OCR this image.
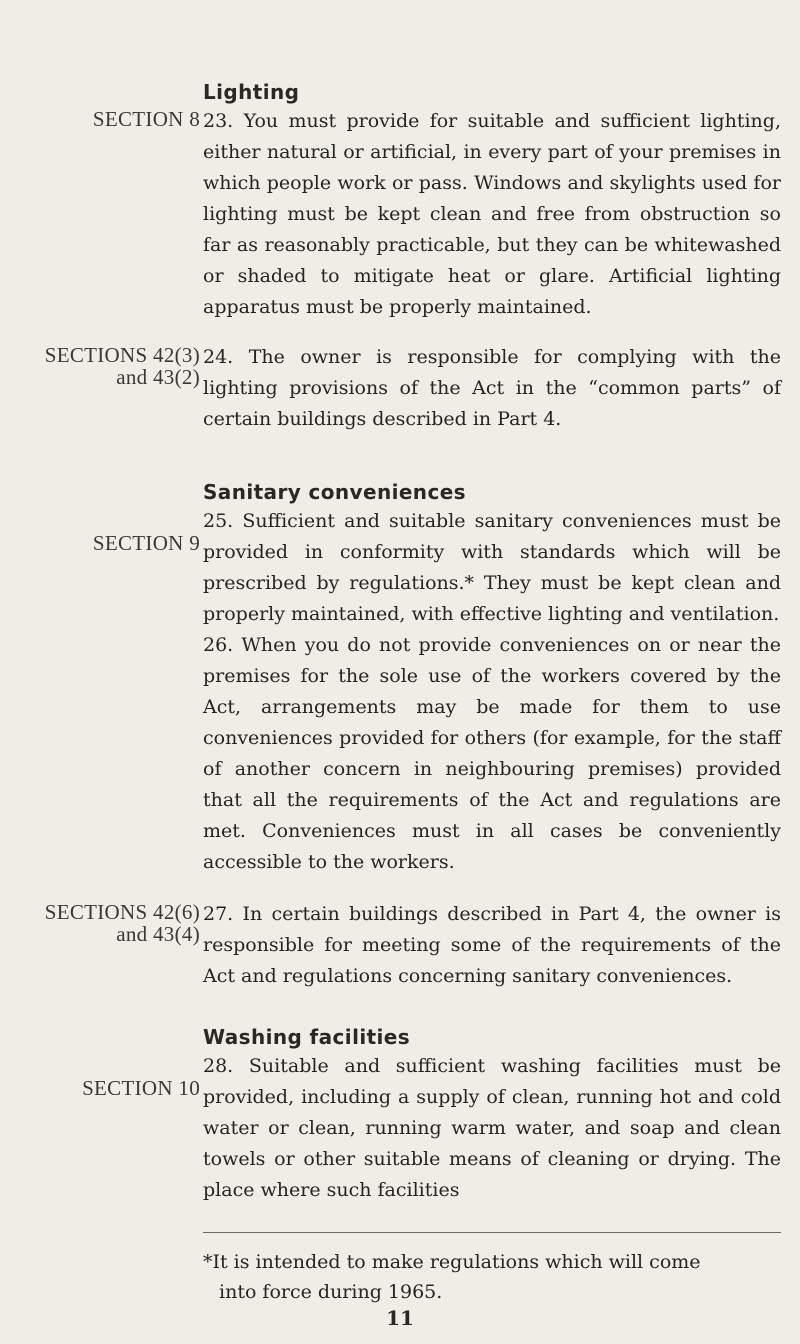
SECTION 8
SECTIONS 42(3)
and 43(2)
SECTION 9
SECTIONS 42(6)
and 43(4)
SECTION 10
Lighting

23. You must provide for suitable and sufficient lighting, either natural or artificial, in every part of your premises in which people work or pass. Windows and skylights used for lighting must be kept clean and free from obstruction so far as reasonably practicable, but they can be whitewashed or shaded to mitigate heat or glare. Artificial lighting apparatus must be properly maintained.

24. The owner is responsible for complying with the lighting provisions of the Act in the “common parts” of certain buildings described in Part 4.

Sanitary conveniences

25. Sufficient and suitable sanitary conveniences must be provided in conformity with standards which will be prescribed by regulations.* They must be kept clean and properly maintained, with effective lighting and ventilation.

26. When you do not provide conveniences on or near the premises for the sole use of the workers covered by the Act, arrangements may be made for them to use conveniences provided for others (for example, for the staff of another concern in neighbouring premises) provided that all the requirements of the Act and regulations are met. Conveniences must in all cases be conveniently accessible to the workers.

27. In certain buildings described in Part 4, the owner is responsible for meeting some of the requirements of the Act and regulations concerning sanitary conveniences.

Washing facilities

28. Suitable and sufficient washing facilities must be provided, including a supply of clean, running hot and cold water or clean, running warm water, and soap and clean towels or other suitable means of cleaning or drying. The place where such facilities

*It is intended to make regulations which will come
into force during 1965.

11
